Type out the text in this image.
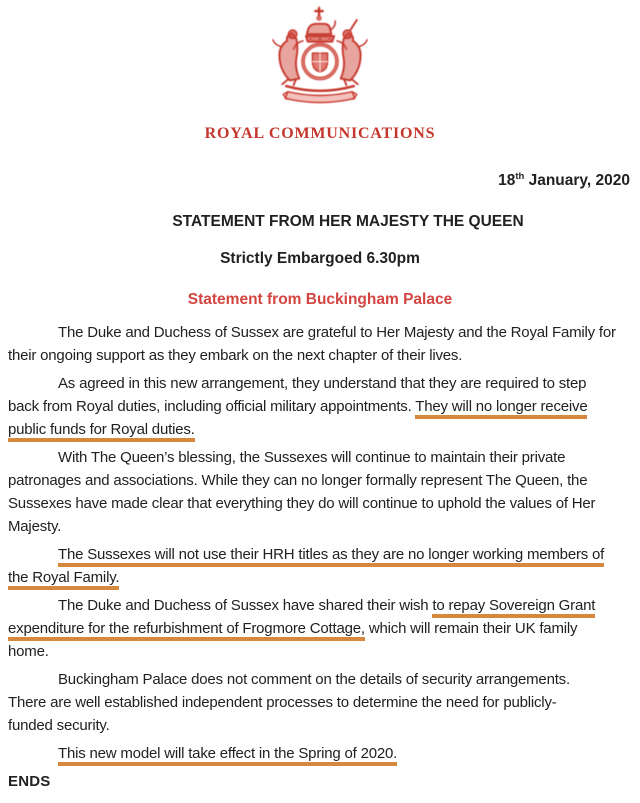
ROYAL COMMUNICATIONS
18th January, 2020
STATEMENT FROM HER MAJESTY THE QUEEN
Strictly Embargoed 6.30pm
Statement from Buckingham Palace
The Duke and Duchess of Sussex are grateful to Her Majesty and the Royal Family for
their ongoing support as they embark on the next chapter of their lives.
As agreed in this new arrangement, they understand that they are required to step
back from Royal duties, including official military appointments. They will no longer receive
public funds for Royal duties.
With The Queen’s blessing, the Sussexes will continue to maintain their private
patronages and associations. While they can no longer formally represent The Queen, the
Sussexes have made clear that everything they do will continue to uphold the values of Her
Majesty.
The Sussexes will not use their HRH titles as they are no longer working members of
the Royal Family.
The Duke and Duchess of Sussex have shared their wish to repay Sovereign Grant
expenditure for the refurbishment of Frogmore Cottage, which will remain their UK family
home.
Buckingham Palace does not comment on the details of security arrangements.
There are well established independent processes to determine the need for publicly-
funded security.
This new model will take effect in the Spring of 2020.
ENDS
